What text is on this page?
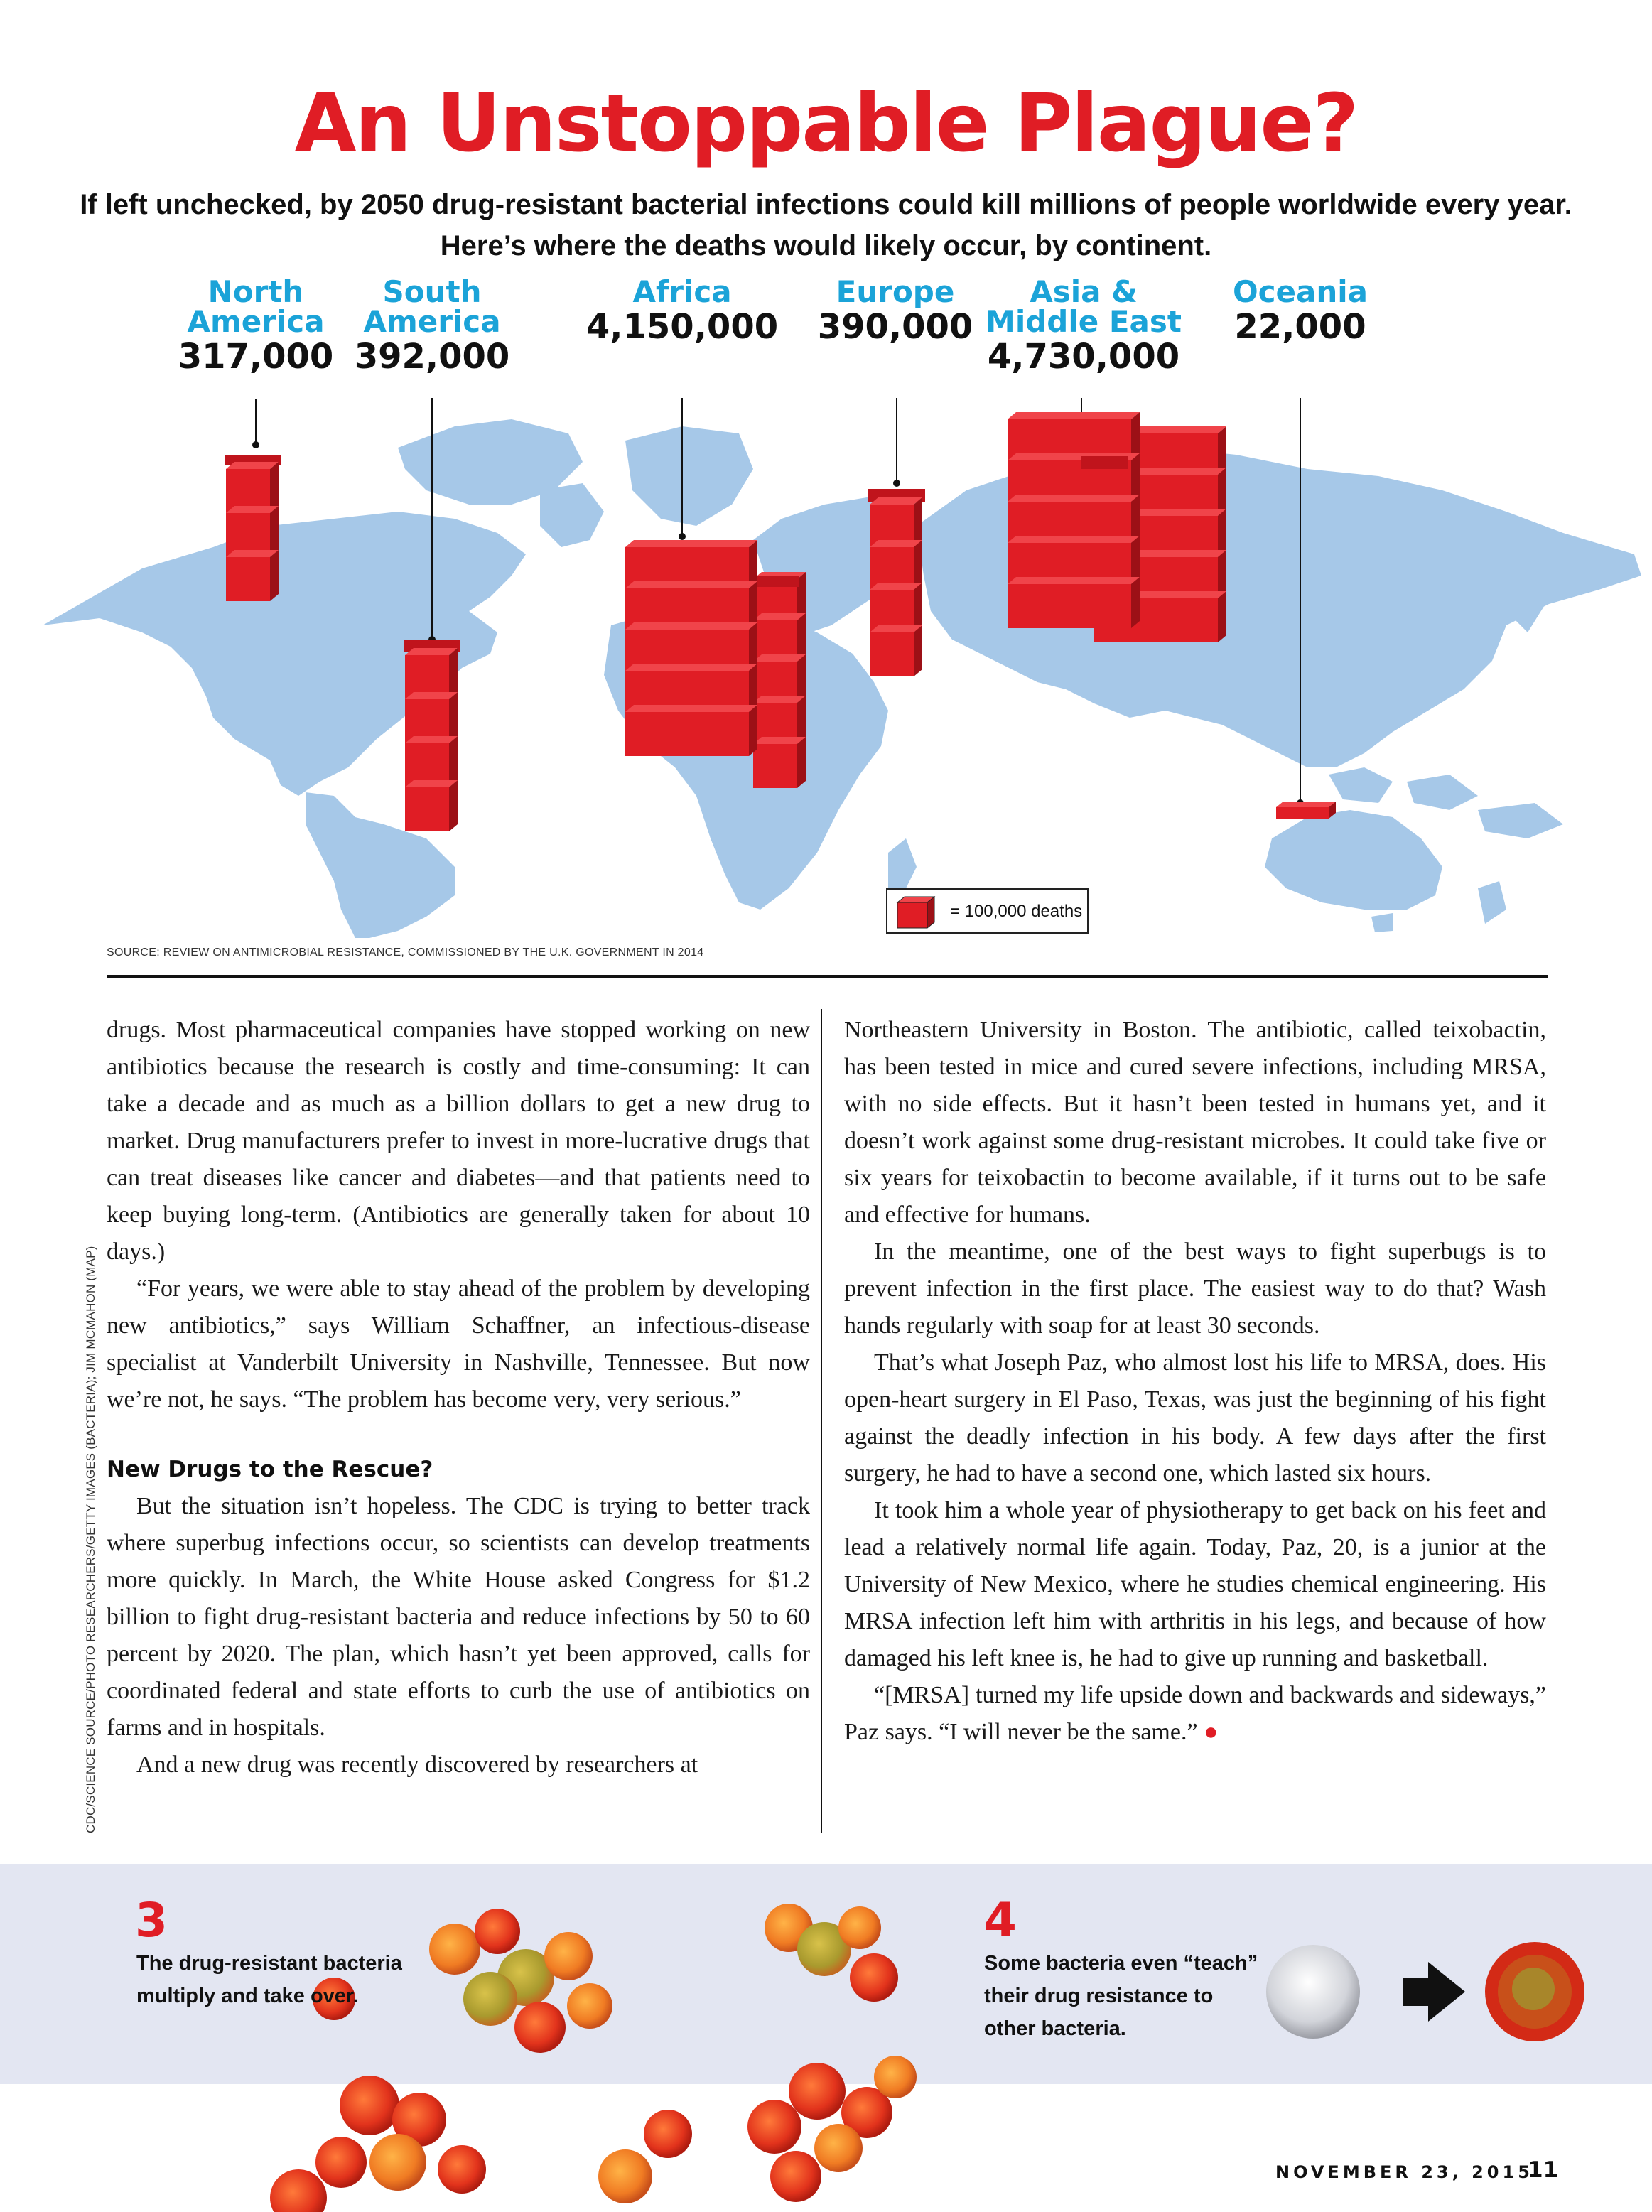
An Unstoppable Plague?
If left unchecked, by 2050 drug-resistant bacterial infections could kill millions of people worldwide every year.
Here’s where the deaths would likely occur, by continent.
North
America
317,000
South
America
392,000
Africa
4,150,000
Europe
390,000
Asia &
Middle East
4,730,000
Oceania
22,000
= 100,000 deaths
SOURCE: REVIEW ON ANTIMICROBIAL RESISTANCE, COMMISSIONED BY THE U.K. GOVERNMENT IN 2014

drugs. Most pharmaceutical companies have stopped working on new antibiotics because the research is costly and time-consuming: It can take a decade and as much as a billion dollars to get a new drug to market. Drug manufacturers prefer to invest in more-lucrative drugs that can treat diseases like cancer and diabetes—and that patients need to keep buying long-term. (Antibiotics are generally taken for about 10 days.)

“For years, we were able to stay ahead of the problem by developing new antibiotics,” says William Schaffner, an infectious-disease specialist at Vanderbilt University in Nashville, Tennessee. But now we’re not, he says. “The problem has become very, very serious.”

New Drugs to the Rescue?

But the situation isn’t hopeless. The CDC is trying to better track where superbug infections occur, so scientists can develop treatments more quickly. In March, the White House asked Congress for $1.2 billion to fight drug-resistant bacteria and reduce infections by 50 to 60 percent by 2020. The plan, which hasn’t yet been approved, calls for coordinated federal and state efforts to curb the use of antibiotics on farms and in hospitals.

And a new drug was recently discovered by researchers at

Northeastern University in Boston. The antibiotic, called teixobactin, has been tested in mice and cured severe infections, including MRSA, with no side effects. But it hasn’t been tested in humans yet, and it doesn’t work against some drug-resistant microbes. It could take five or six years for teixobactin to become available, if it turns out to be safe and effective for humans.

In the meantime, one of the best ways to fight superbugs is to prevent infection in the first place. The easiest way to do that? Wash hands regularly with soap for at least 30 seconds.

That’s what Joseph Paz, who almost lost his life to MRSA, does. His open-heart surgery in El Paso, Texas, was just the beginning of his fight against the deadly infection in his body. A few days after the first surgery, he had to have a second one, which lasted six hours.

It took him a whole year of physiotherapy to get back on his feet and lead a relatively normal life again. Today, Paz, 20, is a junior at the University of New Mexico, where he studies chemical engineering. His MRSA infection left him with arthritis in his legs, and because of how damaged his left knee is, he had to give up running and basketball.

“[MRSA] turned my life upside down and backwards and sideways,” Paz says. “I will never be the same.” ●

CDC/SCIENCE SOURCE/PHOTO RESEARCHERS/GETTY IMAGES (BACTERIA); JIM MCMAHON (MAP)
3
The drug-resistant bacteria
multiply and take over.
4
Some bacteria even “teach”
their drug resistance to
other bacteria.
NOVEMBER 23, 2015
11
